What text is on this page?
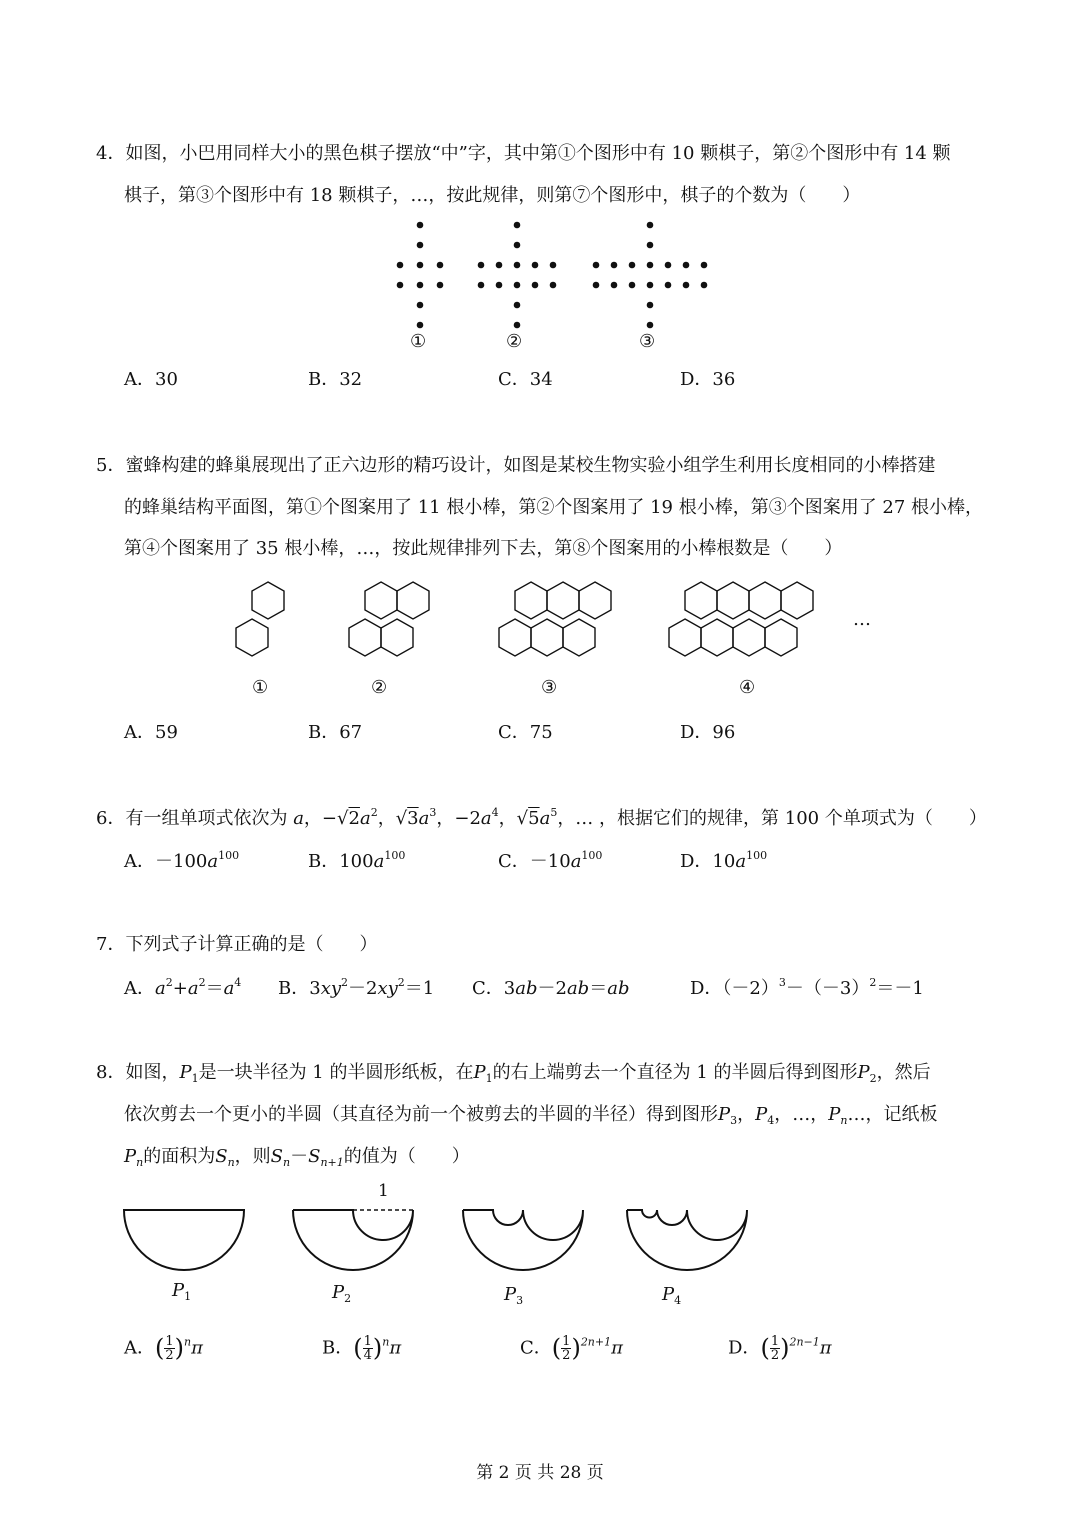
4．如图，小巴用同样大小的黑色棋子摆放“中”字，其中第①个图形中有 10 颗棋子，第②个图形中有 14 颗
棋子，第③个图形中有 18 颗棋子，…，按此规律，则第⑦个图形中，棋子的个数为（　　）
①	②	③
A．30	B．32	C．34	D．36
5．蜜蜂构建的蜂巢展现出了正六边形的精巧设计，如图是某校生物实验小组学生利用长度相同的小棒搭建
的蜂巢结构平面图，第①个图案用了 11 根小棒，第②个图案用了 19 根小棒，第③个图案用了 27 根小棒，
第④个图案用了 35 根小棒，…，按此规律排列下去，第⑧个图案用的小棒根数是（　　）
…
①	②	③	④
A．59	B．67	C．75	D．96
6．有一组单项式依次为 a，$-√2a^2$，$√3a^3$，$-2a^4$，$√5a^5$，… ，根据它们的规律，第 100 个单项式为（　　）
A．$-100a^{100}$	B．$100a^{100}$	C．$-10a^{100}$	D．$10a^{100}$
7．下列式子计算正确的是（　　）
A．$a^2+a^2=a^4$ B．$3xy^2-2xy^2=1$ C．3ab－2ab＝ab	D．$(-2)^3-(-3)^2=-1$
8．如图，$P_1$是一块半径为 1 的半圆形纸板，在$P_1$的右上端剪去一个直径为 1 的半圆后得到图形$P_2$，然后
依次剪去一个更小的半圆（其直径为前一个被剪去的半圆的半径）得到图形$P_3$，$P_4$，…，$P_n\dots$，记纸板
$P_n$的面积为$S_n$，则$S_n-S_{n+1}$的值为（　　）
1
$P_1$	$P_2$	$P_3$	$P_4$
A．( $\frac{1}{2} )^n\pi$	B．( $\frac{1}{4} )^n\pi$	C．( $\frac{1}{2} )^{2n+1}\pi$	D．( $\frac{1}{2} )^{2n-1}\pi$
第 2 页 共 28 页
